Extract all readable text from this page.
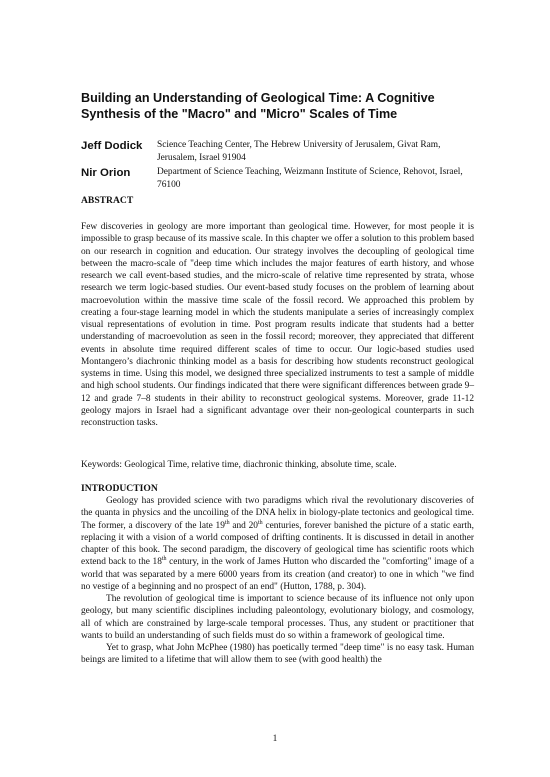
Building an Understanding of Geological Time: A Cognitive Synthesis of the "Macro" and "Micro" Scales of Time
Jeff Dodick	Science Teaching Center, The Hebrew University of Jerusalem, Givat Ram, Jerusalem, Israel 91904
Nir Orion	Department of Science Teaching, Weizmann Institute of Science, Rehovot, Israel, 76100
ABSTRACT
Few discoveries in geology are more important than geological time. However, for most people it is impossible to grasp because of its massive scale. In this chapter we offer a solution to this problem based on our research in cognition and education. Our strategy involves the decoupling of geological time between the macro-scale of "deep time which includes the major features of earth history, and whose research we call event-based studies, and the micro-scale of relative time represented by strata, whose research we term logic-based studies. Our event-based study focuses on the problem of learning about macroevolution within the massive time scale of the fossil record. We approached this problem by creating a four-stage learning model in which the students manipulate a series of increasingly complex visual representations of evolution in time. Post program results indicate that students had a better understanding of macroevolution as seen in the fossil record; moreover, they appreciated that different events in absolute time required different scales of time to occur. Our logic-based studies used Montangero’s diachronic thinking model as a basis for describing how students reconstruct geological systems in time. Using this model, we designed three specialized instruments to test a sample of middle and high school students. Our findings indicated that there were significant differences between grade 9–12 and grade 7–8 students in their ability to reconstruct geological systems. Moreover, grade 11-12 geology majors in Israel had a significant advantage over their non-geological counterparts in such reconstruction tasks.
Keywords: Geological Time, relative time, diachronic thinking, absolute time, scale.
INTRODUCTION

Geology has provided science with two paradigms which rival the revolutionary discoveries of the quanta in physics and the uncoiling of the DNA helix in biology-plate tectonics and geological time. The former, a discovery of the late 19th and 20th centuries, forever banished the picture of a static earth, replacing it with a vision of a world composed of drifting continents. It is discussed in detail in another chapter of this book. The second paradigm, the discovery of geological time has scientific roots which extend back to the 18th century, in the work of James Hutton who discarded the "comforting" image of a world that was separated by a mere 6000 years from its creation (and creator) to one in which "we find no vestige of a beginning and no prospect of an end" (Hutton, 1788, p. 304).

The revolution of geological time is important to science because of its influence not only upon geology, but many scientific disciplines including paleontology, evolutionary biology, and cosmology, all of which are constrained by large-scale temporal processes. Thus, any student or practitioner that wants to build an understanding of such fields must do so within a framework of geological time.

Yet to grasp, what John McPhee (1980) has poetically termed "deep time" is no easy task. Human beings are limited to a lifetime that will allow them to see (with good health) the

1
